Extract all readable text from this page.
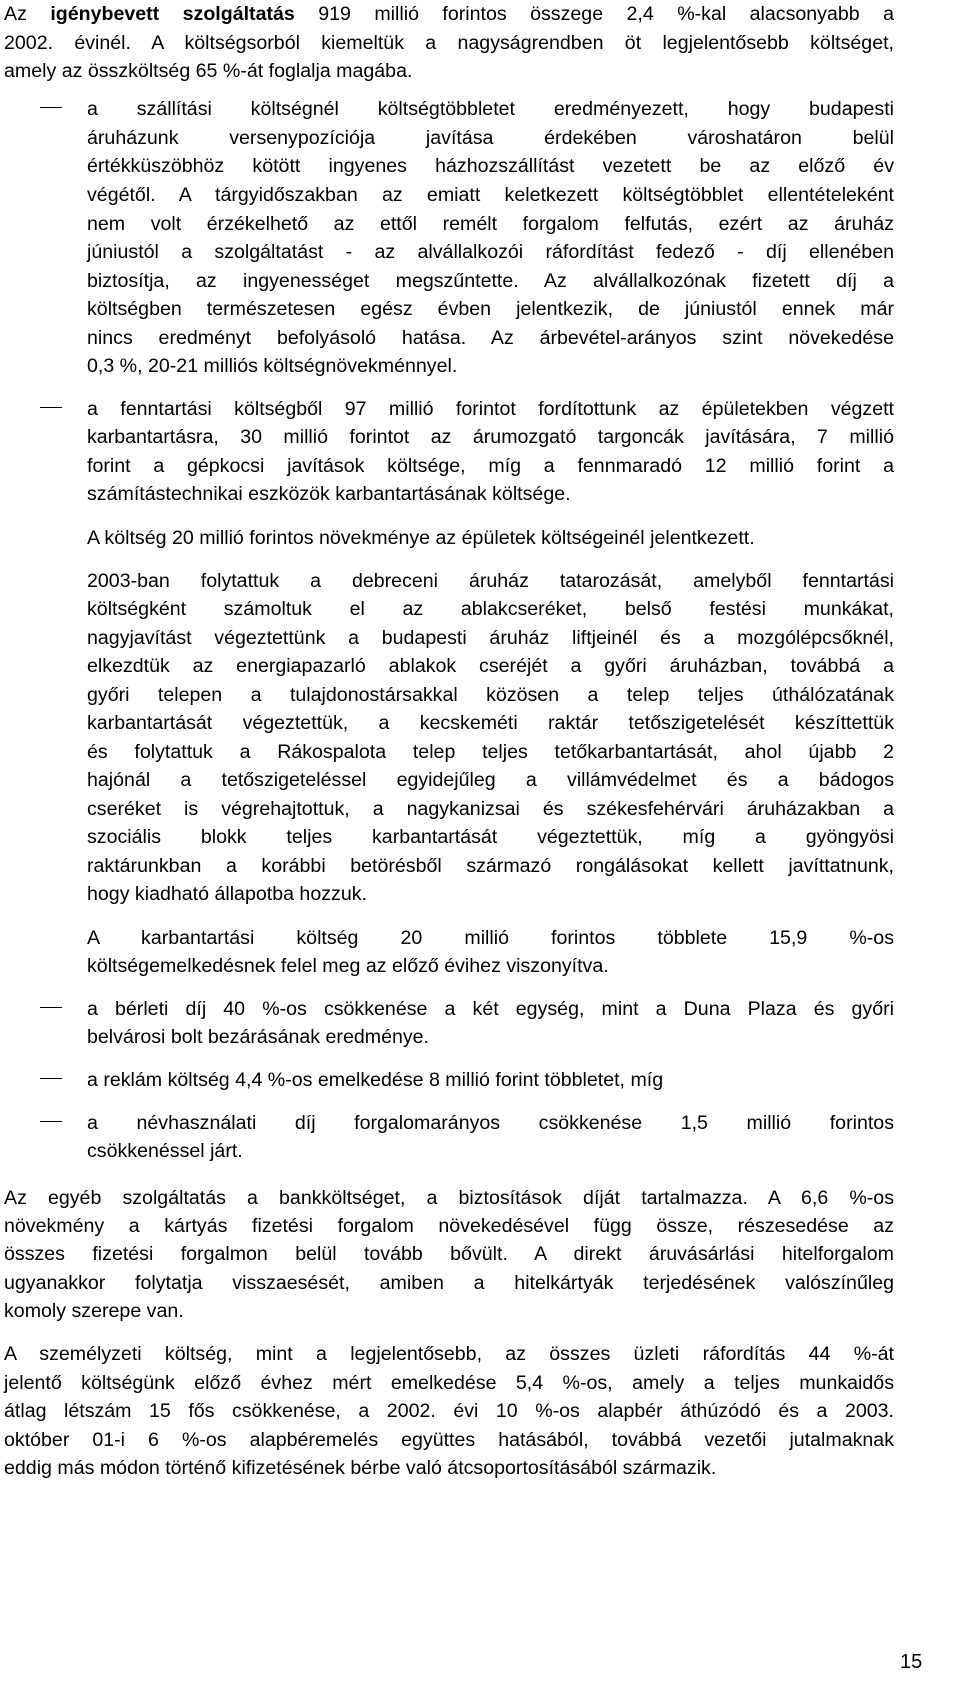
15
Az igénybevett szolgáltatás 919 millió forintos összege 2,4 %-kal alacsonyabb a
2002. évinél. A költségsorból kiemeltük a nagyságrendben öt legjelentősebb költséget,
amely az összköltség 65 %-át foglalja magába.
a szállítási költségnél költségtöbbletet eredményezett, hogy budapesti
áruházunk versenypozíciója javítása érdekében városhatáron belül
értékküszöbhöz kötött ingyenes házhozszállítást vezetett be az előző év
végétől. A tárgyidőszakban az emiatt keletkezett költségtöbblet ellentételeként
nem volt érzékelhető az ettől remélt forgalom felfutás, ezért az áruház
júniustól a szolgáltatást - az alvállalkozói ráfordítást fedező - díj ellenében
biztosítja, az ingyenességet megszűntette. Az alvállalkozónak fizetett díj a
költségben természetesen egész évben jelentkezik, de júniustól ennek már
nincs eredményt befolyásoló hatása. Az árbevétel-arányos szint növekedése
0,3 %, 20-21 milliós költségnövekménnyel.
a fenntartási költségből 97 millió forintot fordítottunk az épületekben végzett
karbantartásra, 30 millió forintot az árumozgató targoncák javítására, 7 millió
forint a gépkocsi javítások költsége, míg a fennmaradó 12 millió forint a
számítástechnikai eszközök karbantartásának költsége.
A költség 20 millió forintos növekménye az épületek költségeinél jelentkezett.
2003-ban folytattuk a debreceni áruház tatarozását, amelyből fenntartási
költségként számoltuk el az ablakcseréket, belső festési munkákat,
nagyjavítást végeztettünk a budapesti áruház liftjeinél és a mozgólépcsőknél,
elkezdtük az energiapazarló ablakok cseréjét a győri áruházban, továbbá a
győri telepen a tulajdonostársakkal közösen a telep teljes úthálózatának
karbantartását végeztettük, a kecskeméti raktár tetőszigetelését készíttettük
és folytattuk a Rákospalota telep teljes tetőkarbantartását, ahol újabb 2
hajónál a tetőszigeteléssel egyidejűleg a villámvédelmet és a bádogos
cseréket is végrehajtottuk, a nagykanizsai és székesfehérvári áruházakban a
szociális blokk teljes karbantartását végeztettük, míg a gyöngyösi
raktárunkban a korábbi betörésből származó rongálásokat kellett javíttatnunk,
hogy kiadható állapotba hozzuk.
A karbantartási költség 20 millió forintos többlete 15,9 %-os
költségemelkedésnek felel meg az előző évihez viszonyítva.
a bérleti díj 40 %-os csökkenése a két egység, mint a Duna Plaza és győri
belvárosi bolt bezárásának eredménye.
a reklám költség 4,4 %-os emelkedése 8 millió forint többletet, míg
a névhasználati díj forgalomarányos csökkenése 1,5 millió forintos
csökkenéssel járt.
Az egyéb szolgáltatás a bankköltséget, a biztosítások díját tartalmazza. A 6,6 %-os
növekmény a kártyás fizetési forgalom növekedésével függ össze, részesedése az
összes fizetési forgalmon belül tovább bővült. A direkt áruvásárlási hitelforgalom
ugyanakkor folytatja visszaesését, amiben a hitelkártyák terjedésének valószínűleg
komoly szerepe van.
A személyzeti költség, mint a legjelentősebb, az összes üzleti ráfordítás 44 %-át
jelentő költségünk előző évhez mért emelkedése 5,4 %-os, amely a teljes munkaidős
átlag létszám 15 fős csökkenése, a 2002. évi 10 %-os alapbér áthúzódó és a 2003.
október 01-i 6 %-os alapbéremelés együttes hatásából, továbbá vezetői jutalmaknak
eddig más módon történő kifizetésének bérbe való átcsoportosításából származik.
